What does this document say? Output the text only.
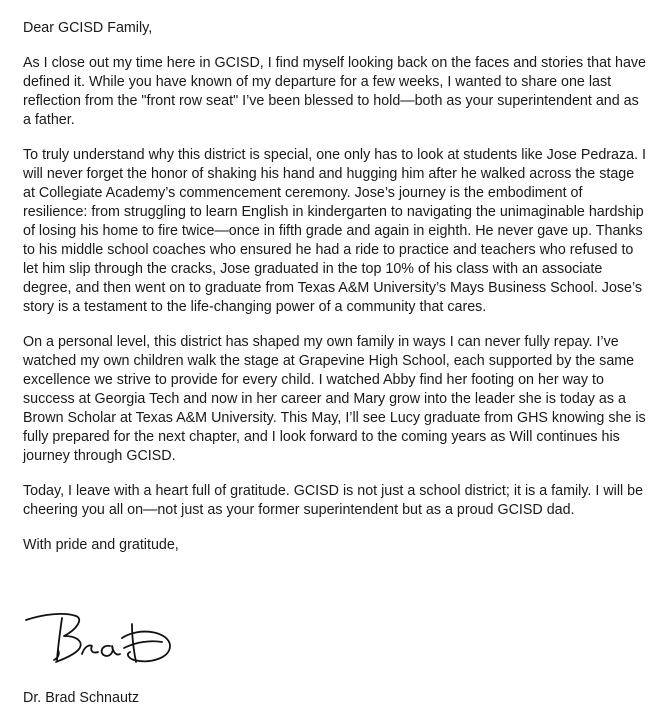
Dear GCISD Family,

As I close out my time here in GCISD, I find myself looking back on the faces and stories that have defined it. While you have known of my departure for a few weeks, I wanted to share one last reflection from the "front row seat" I’ve been blessed to hold—both as your superintendent and as a father.

To truly understand why this district is special, one only has to look at students like Jose Pedraza. I will never forget the honor of shaking his hand and hugging him after he walked across the stage at Collegiate Academy’s commencement ceremony. Jose’s journey is the embodiment of resilience: from struggling to learn English in kindergarten to navigating the unimaginable hardship of losing his home to fire twice—once in fifth grade and again in eighth. He never gave up. Thanks to his middle school coaches who ensured he had a ride to practice and teachers who refused to let him slip through the cracks, Jose graduated in the top 10% of his class with an associate degree, and then went on to graduate from Texas A&M University’s Mays Business School. Jose’s story is a testament to the life-changing power of a community that cares.

On a personal level, this district has shaped my own family in ways I can never fully repay. I’ve watched my own children walk the stage at Grapevine High School, each supported by the same excellence we strive to provide for every child. I watched Abby find her footing on her way to success at Georgia Tech and now in her career and Mary grow into the leader she is today as a Brown Scholar at Texas A&M University. This May, I’ll see Lucy graduate from GHS knowing she is fully prepared for the next chapter, and I look forward to the coming years as Will continues his journey through GCISD.

Today, I leave with a heart full of gratitude. GCISD is not just a school district; it is a family. I will be cheering you all on—not just as your former superintendent but as a proud GCISD dad.

With pride and gratitude,

Dr. Brad Schnautz
